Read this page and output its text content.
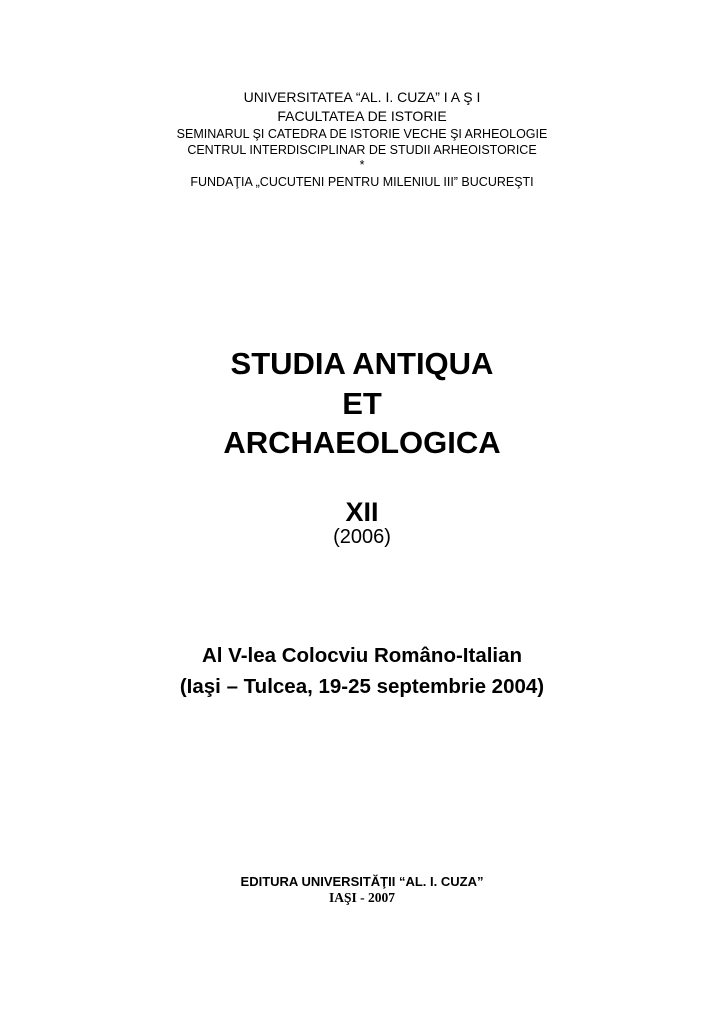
UNIVERSITATEA “AL. I. CUZA” I A Ş I
FACULTATEA DE ISTORIE
SEMINARUL ŞI CATEDRA DE ISTORIE VECHE ŞI ARHEOLOGIE
CENTRUL INTERDISCIPLINAR DE STUDII ARHEOISTORICE
*
FUNDAŢIA „CUCUTENI PENTRU MILENIUL III” BUCUREŞTI
STUDIA ANTIQUA
ET
ARCHAEOLOGICA
XII
(2006)
Al V-lea Colocviu Româno-Italian
(Iaşi – Tulcea, 19-25 septembrie 2004)
EDITURA UNIVERSITĂŢII “AL. I. CUZA”
IAŞI - 2007
